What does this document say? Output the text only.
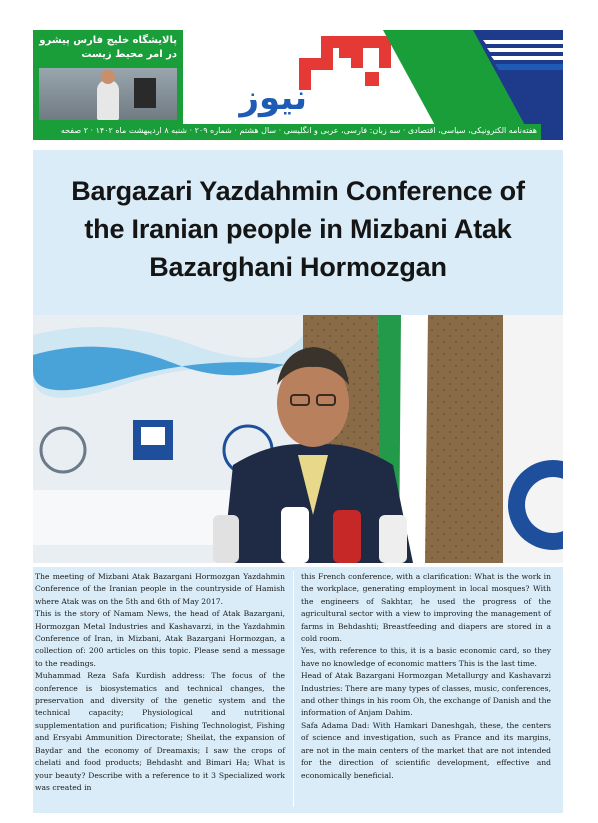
پالایشگاه خلیج فارس پیشرو
در امر محیط زیست
نیوز
هفته‌نامه الکترونیکی، سیاسی، اقتصادی · سه زبان: فارسی، عربی و انگلیسی · سال هشتم · شماره ۲۰۹ · شنبه ۸ اردیبهشت ماه ۱۴۰۲ · ۲ صفحه
Bargazari Yazdahmin Conference of
the Iranian people in Mizbani Atak
Bazarghani Hormozgan

The meeting of Mizbani Atak Bazargani Hormozgan Yazdahmin Conference of the Iranian people in the countryside of Hamish where Atak was on the 5th and 6th of May 2017.

This is the story of Namam News, the head of Atak Bazargani, Hormozgan Metal Industries and Kashavarzi, in the Yazdahmin Conference of Iran, in Mizbani, Atak Bazargani Hormozgan, a collection of: 200 articles on this topic. Please send a message to the readings.

Muhammad Reza Safa Kurdish address: The focus of the conference is biosystematics and technical changes, the preservation and diversity of the genetic system and the technical capacity; Physiological and nutritional supplementation and purification; Fishing Technologist, Fishing and Ersyabi Ammunition Directorate; Sheilat, the expansion of Baydar and the economy of Dreamaxis; I saw the crops of chelati and food products; Behdasht and Bimari Ha; What is your beauty? Describe with a reference to it 3 Specialized work was created in

this French conference, with a clarification: What is the work in the workplace, generating employment in local mosques? With the engineers of Sakhtar, he used the progress of the agricultural sector with a view to improving the management of farms in Behdashti; Breastfeeding and diapers are stored in a cold room.

Yes, with reference to this, it is a basic economic card, so they have no knowledge of economic matters This is the last time.

Head of Atak Bazargani Hormozgan Metallurgy and Kashavarzi Industries: There are many types of classes, music, conferences, and other things in his room Oh, the exchange of Danish and the information of Anjam Dahim.

Safa Adama Dad: With Hamkari Daneshgah, these, the centers of science and investigation, such as France and its margins, are not in the main centers of the market that are not intended for the direction of scientific development, effective and economically beneficial.
